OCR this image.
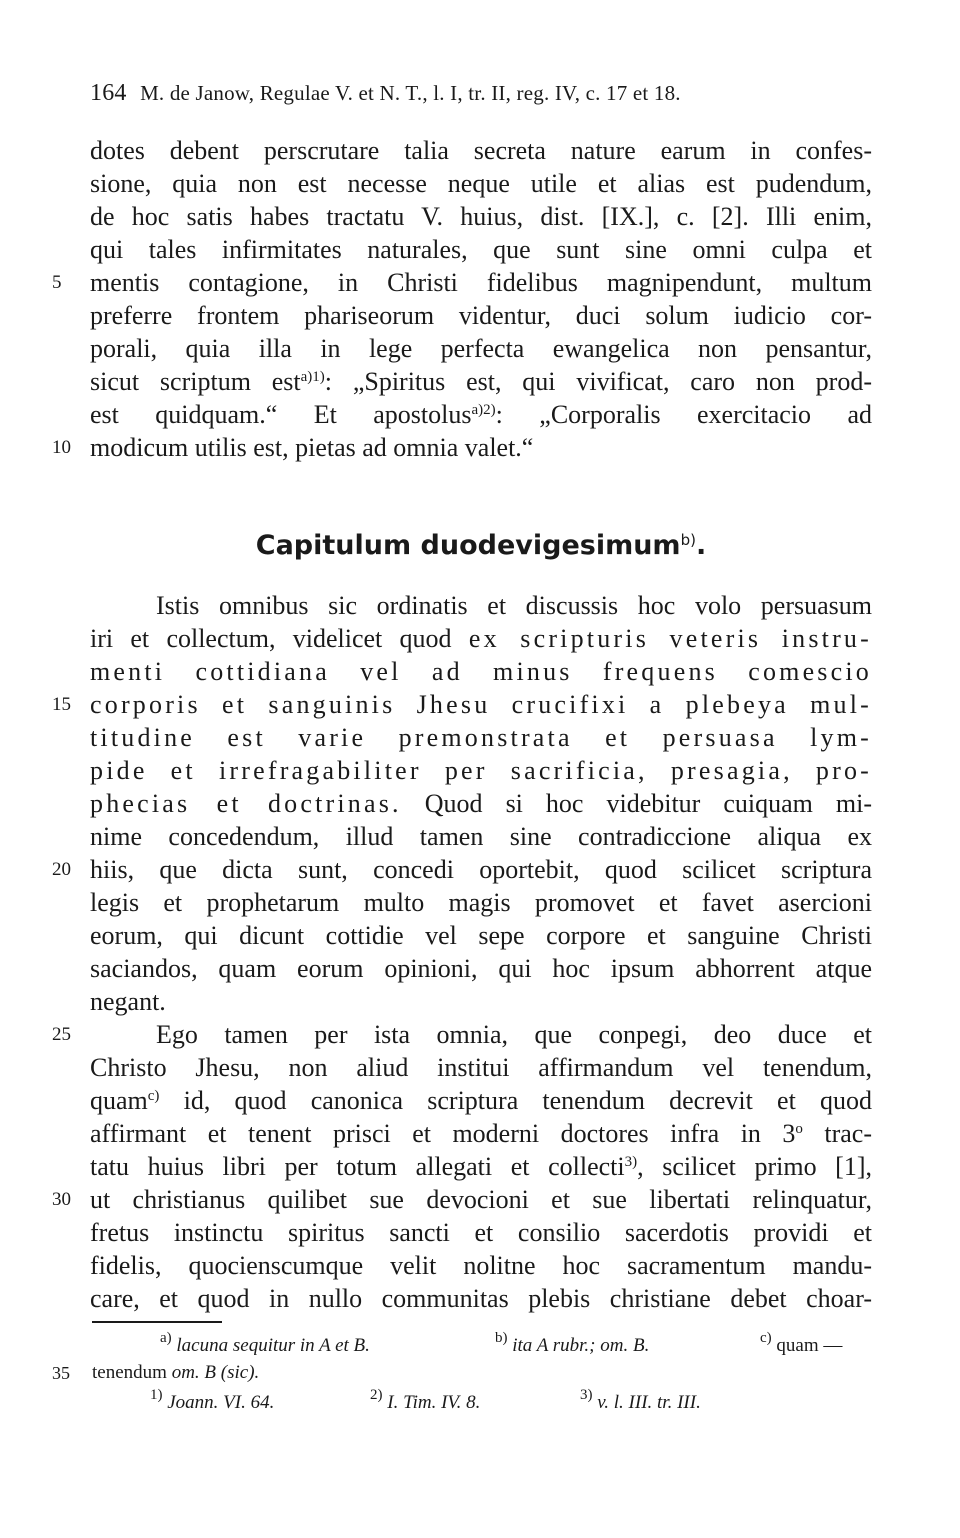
164 M. de Janow, Regulae V. et N. T., l. I, tr. II, reg. IV, c. 17 et 18.
dotes debent perscrutare talia secreta nature earum in confes-
sione, quia non est necesse neque utile et alias est pudendum,
de hoc satis habes tractatu V. huius, dist. [IX.], c. [2]. Illi enim,
qui tales infirmitates naturales, que sunt sine omni culpa et
5	mentis contagione, in Christi fidelibus magnipendunt, multum
preferre frontem phariseorum videntur, duci solum iudicio cor-
porali, quia illa in lege perfecta ewangelica non pensantur,
sicut scriptum est$^{a)1)}$: „Spiritus est, qui vivificat, caro non prod-
est quidquam.“ Et apostolus$^{a)2)}$: „Corporalis exercitacio ad
10 modicum utilis est, pietas ad omnia valet.“
Capitulum duodevigesimum$^{b)}$.
Istis omnibus sic ordinatis et discussis hoc volo persuasum
iri et collectum, videlicet quod ex scripturis veteris instru-
menti cottidiana vel ad minus frequens comescio
15 corporis et sanguinis Jhesu crucifixi a plebeya mul-
titudine est varie premonstrata et persuasa lym-
pide et irrefragabiliter per sacrificia, presagia, pro-
phecias et doctrinas. Quod si hoc videbitur cuiquam mi-
nime concedendum, illud tamen sine contradiccione aliqua ex
20 hiis, que dicta sunt, concedi oportebit, quod scilicet scriptura
legis et prophetarum multo magis promovet et favet asercioni
eorum, qui dicunt cottidie vel sepe corpore et sanguine Christi
saciandos, quam eorum opinioni, qui hoc ipsum abhorrent atque
negant.
25	Ego tamen per ista omnia, que conpegi, deo duce et
Christo Jhesu, non aliud institui affirmandum vel tenendum,
quam$^{c)}$ id, quod canonica scriptura tenendum decrevit et quod
affirmant et tenent prisci et moderni doctores infra in 3$^o$ trac-
tatu huius libri per totum allegati et collecti$^{3)}$, scilicet primo [1],
30 ut christianus quilibet sue devocioni et sue libertati relinquatur,
fretus instinctu spiritus sancti et consilio sacerdotis providi et
fidelis, quocienscumque velit nolitne hoc sacramentum mandu-
care, et quod in nullo communitas plebis christiane debet choar-
$^{a)}$ lacuna sequitur in A et B.	$^{b)}$ ita A rubr.; om. B.	$^{c)}$ quam —
35	tenendum om. B (sic).
$^{1)}$ Joann. VI. 64.	$^{2)}$ I. Tim. IV. 8.	$^{3)}$ v. l. III. tr. III.
